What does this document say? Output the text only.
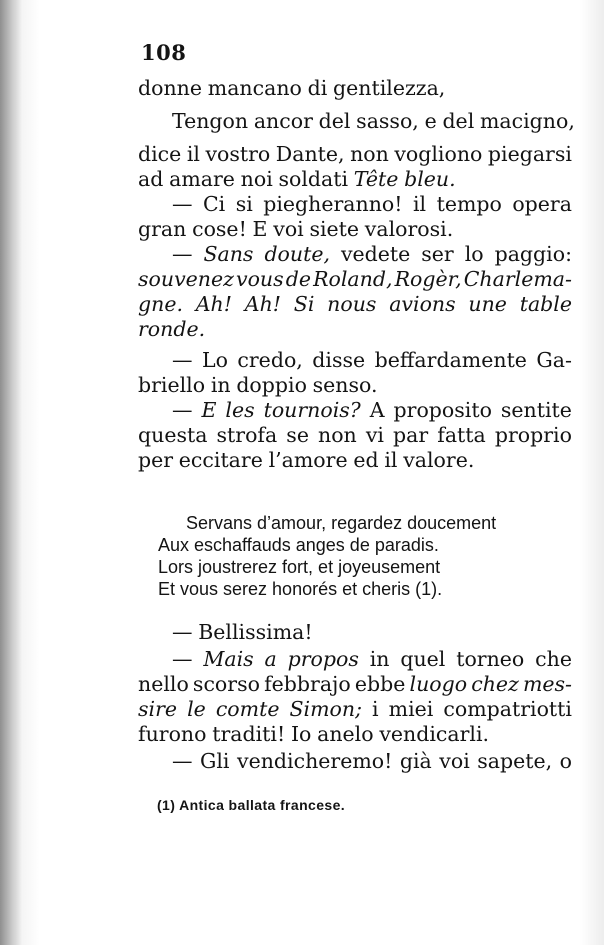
108
donne mancano di gentilezza,
Tengon ancor del sasso, e del macigno,
dice il vostro Dante, non vogliono piegarsi
ad amare noi soldati Tête bleu.
— Ci si piegheranno! il tempo opera
gran cose! E voi siete valorosi.
— Sans doute, vedete ser lo paggio:
souvenez vous de Roland, Rogèr, Charlema-
gne. Ah! Ah! Si nous avions une table
ronde.
— Lo credo, disse beffardamente Ga-
briello in doppio senso.
— E les tournois? A proposito sentite
questa strofa se non vi par fatta proprio
per eccitare l’amore ed il valore.
Servans d’amour, regardez doucement
Aux eschaffauds anges de paradis.
Lors joustrerez fort, et joyeusement
Et vous serez honorés et cheris (1).
— Bellissima!
— Mais a propos in quel torneo che
nello scorso febbrajo ebbe luogo chez mes-
sire le comte Simon; i miei compatriotti
furono traditi! Io anelo vendicarli.
— Gli vendicheremo! già voi sapete, o
(1) Antica ballata francese.
